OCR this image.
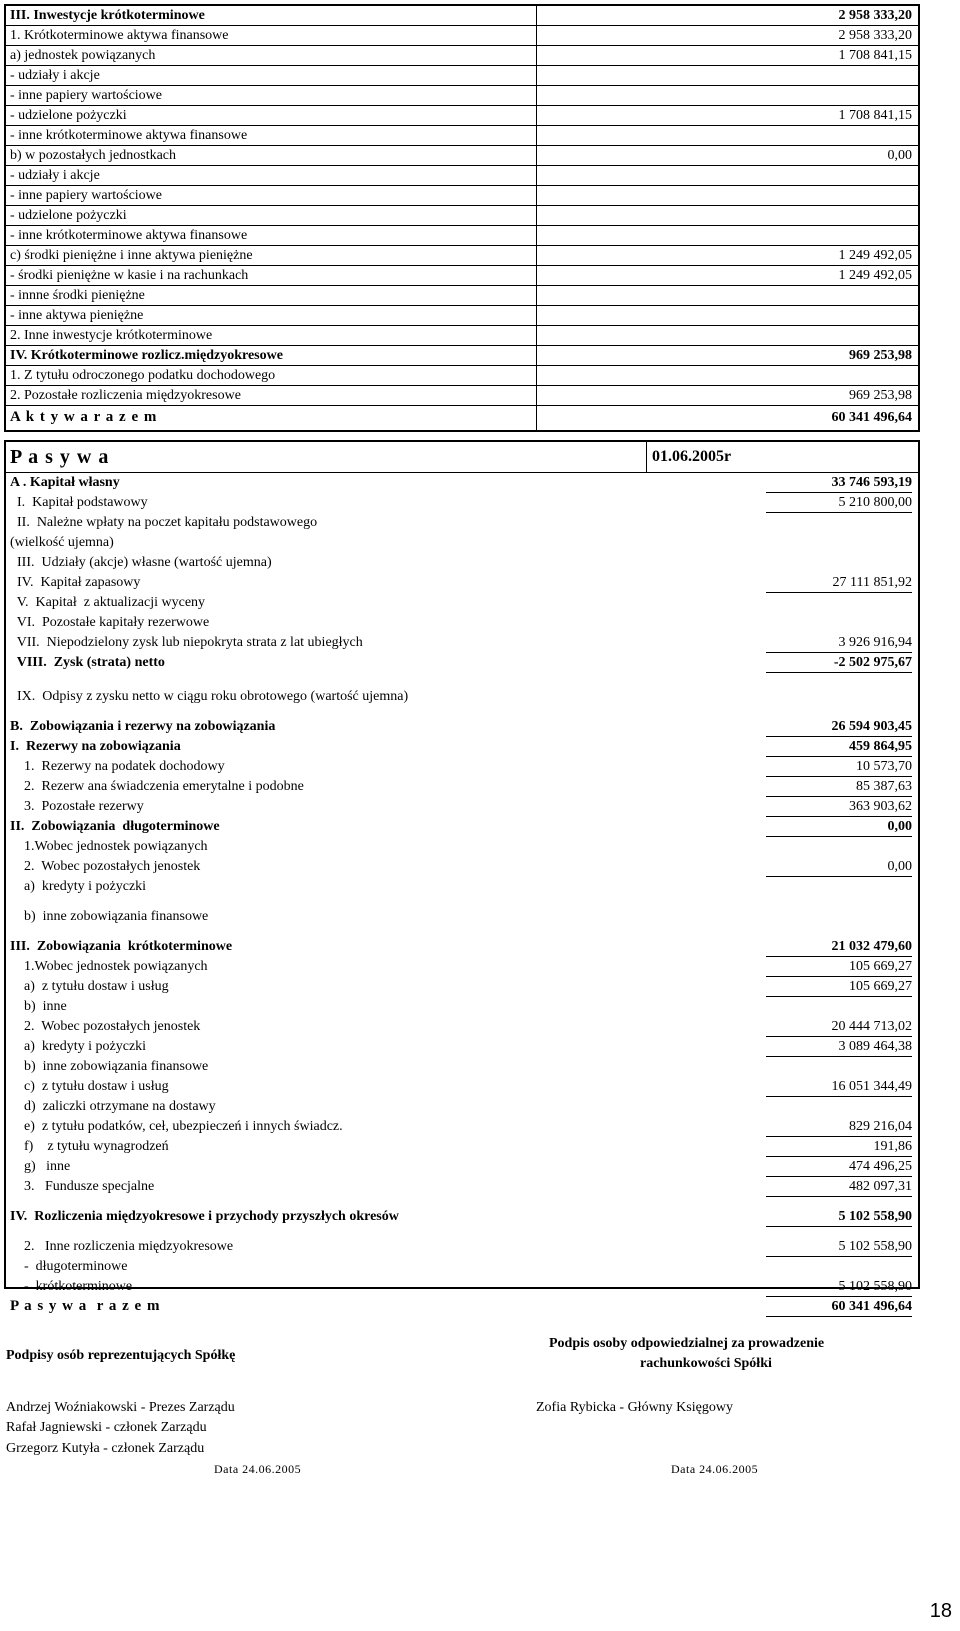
III. Inwestycje krótkoterminowe	2 958 333,20
1. Krótkoterminowe aktywa finansowe	2 958 333,20
a) jednostek powiązanych	1 708 841,15
- udziały i akcje
- inne papiery wartościowe
- udzielone pożyczki	1 708 841,15
- inne krótkoterminowe aktywa finansowe
b) w pozostałych jednostkach	0,00
- udziały i akcje
- inne papiery wartościowe
- udzielone pożyczki
- inne krótkoterminowe aktywa finansowe
c) środki pieniężne i inne aktywa pieniężne	1 249 492,05
- środki pieniężne w kasie i na rachunkach	1 249 492,05
- innne środki pieniężne
- inne aktywa pieniężne
2. Inne inwestycje krótkoterminowe
IV. Krótkoterminowe rozlicz.międzyokresowe	969 253,98
1. Z tytułu odroczonego podatku dochodowego
2. Pozostałe rozliczenia międzyokresowe	969 253,98
A k t y w a r a z e m	60 341 496,64
P a s y w a	01.06.2005r
A . Kapitał własny	33 746 593,19
I.  Kapitał podstawowy	5 210 800,00
II.  Należne wpłaty na poczet kapitału podstawowego
(wielkość ujemna)
III.  Udziały (akcje) własne (wartość ujemna)
IV.  Kapitał zapasowy	27 111 851,92
V.  Kapitał  z aktualizacji wyceny
VI.  Pozostałe kapitały rezerwowe
VII.  Niepodzielony zysk lub niepokryta strata z lat ubiegłych	3 926 916,94
VIII.  Zysk (strata) netto	-2 502 975,67
IX.  Odpisy z zysku netto w ciągu roku obrotowego (wartość ujemna)
B.  Zobowiązania i rezerwy na zobowiązania	26 594 903,45
I.  Rezerwy na zobowiązania	459 864,95
1.  Rezerwy na podatek dochodowy	10 573,70
2.  Rezerw ana świadczenia emerytalne i podobne	85 387,63
3.  Pozostałe rezerwy	363 903,62
II.  Zobowiązania  długoterminowe	0,00
1.Wobec jednostek powiązanych
2.  Wobec pozostałych jenostek	0,00
a)  kredyty i pożyczki
b)  inne zobowiązania finansowe
III.  Zobowiązania  krótkoterminowe	21 032 479,60
1.Wobec jednostek powiązanych	105 669,27
a)  z tytułu dostaw i usług	105 669,27
b)  inne
2.  Wobec pozostałych jenostek	20 444 713,02
a)  kredyty i pożyczki	3 089 464,38
b)  inne zobowiązania finansowe
c)  z tytułu dostaw i usług	16 051 344,49
d)  zaliczki otrzymane na dostawy
e)  z tytułu podatków, ceł, ubezpieczeń i innych świadcz.	829 216,04
f)    z tytułu wynagrodzeń	191,86
g)   inne	474 496,25
3.   Fundusze specjalne	482 097,31
IV.  Rozliczenia międzyokresowe i przychody przyszłych okresów	5 102 558,90
2.   Inne rozliczenia międzyokresowe	5 102 558,90
-  długoterminowe
-  krótkoterminowe	5 102 558,90
P a s y w a  r a z e m	60 341 496,64
Podpisy osób reprezentujących Spółkę
Podpis osoby odpowiedzialnej za prowadzenie
rachunkowości Spółki
Andrzej Woźniakowski - Prezes Zarządu
Rafał Jagniewski - członek Zarządu
Grzegorz Kutyła - członek Zarządu
Zofia Rybicka - Główny Księgowy
Data 24.06.2005	Data 24.06.2005
18
